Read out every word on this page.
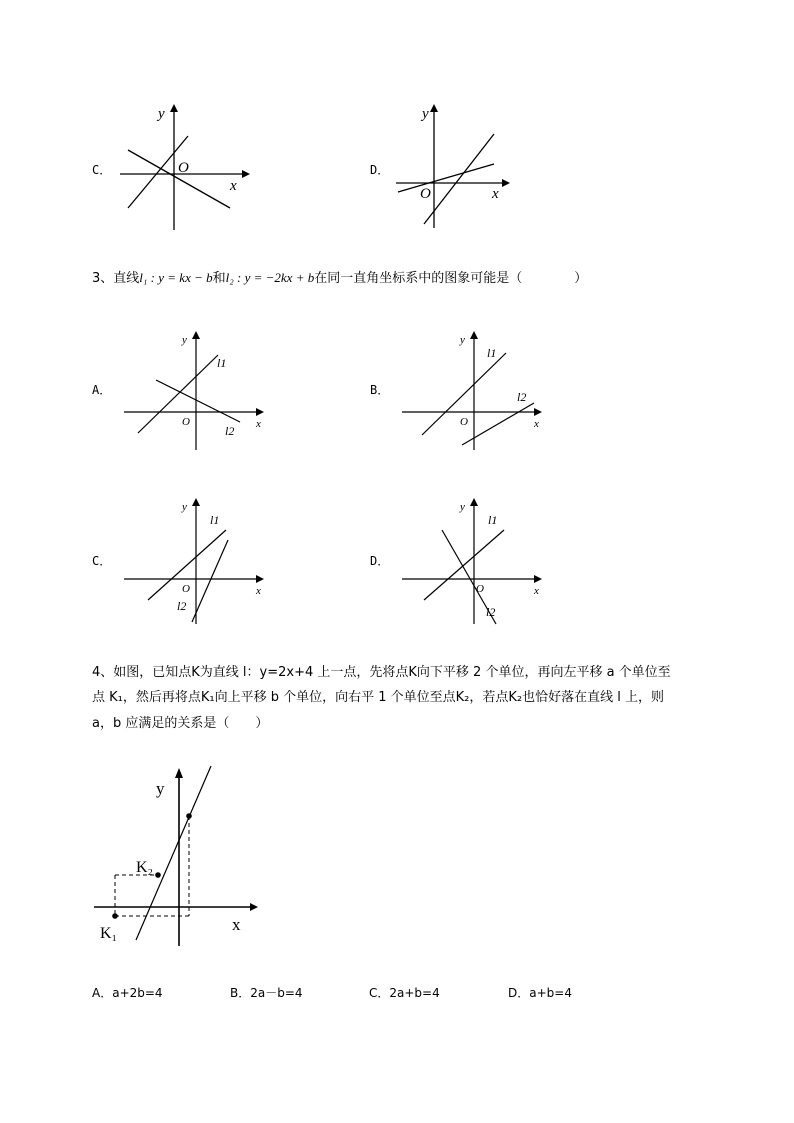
C．	O
x
y
D．
O	x
y
3、直线l₁ : y = kx − b和l₂ : y = −2kx + b在同一直角坐标系中的图象可能是（　　　　）
A．
O	x
y
l1
l2
B．
O	x
y
l1
l2
C．
O	x
y
l1
l2
D．
O	x
y
l1
l2
4、如图，已知点K为直线 l：y=2x+4 上一点，先将点K向下平移 2 个单位，再向左平移 a 个单位至
点 K₁，然后再将点K₁向上平移 b 个单位，向右平 1 个单位至点K₂，若点K₂也恰好落在直线 l 上，则
a，b 应满足的关系是（　　）
y
x
K₂
K₁
A．a+2b=4	B．2a－b=4	C．2a+b=4	D．a+b=4
